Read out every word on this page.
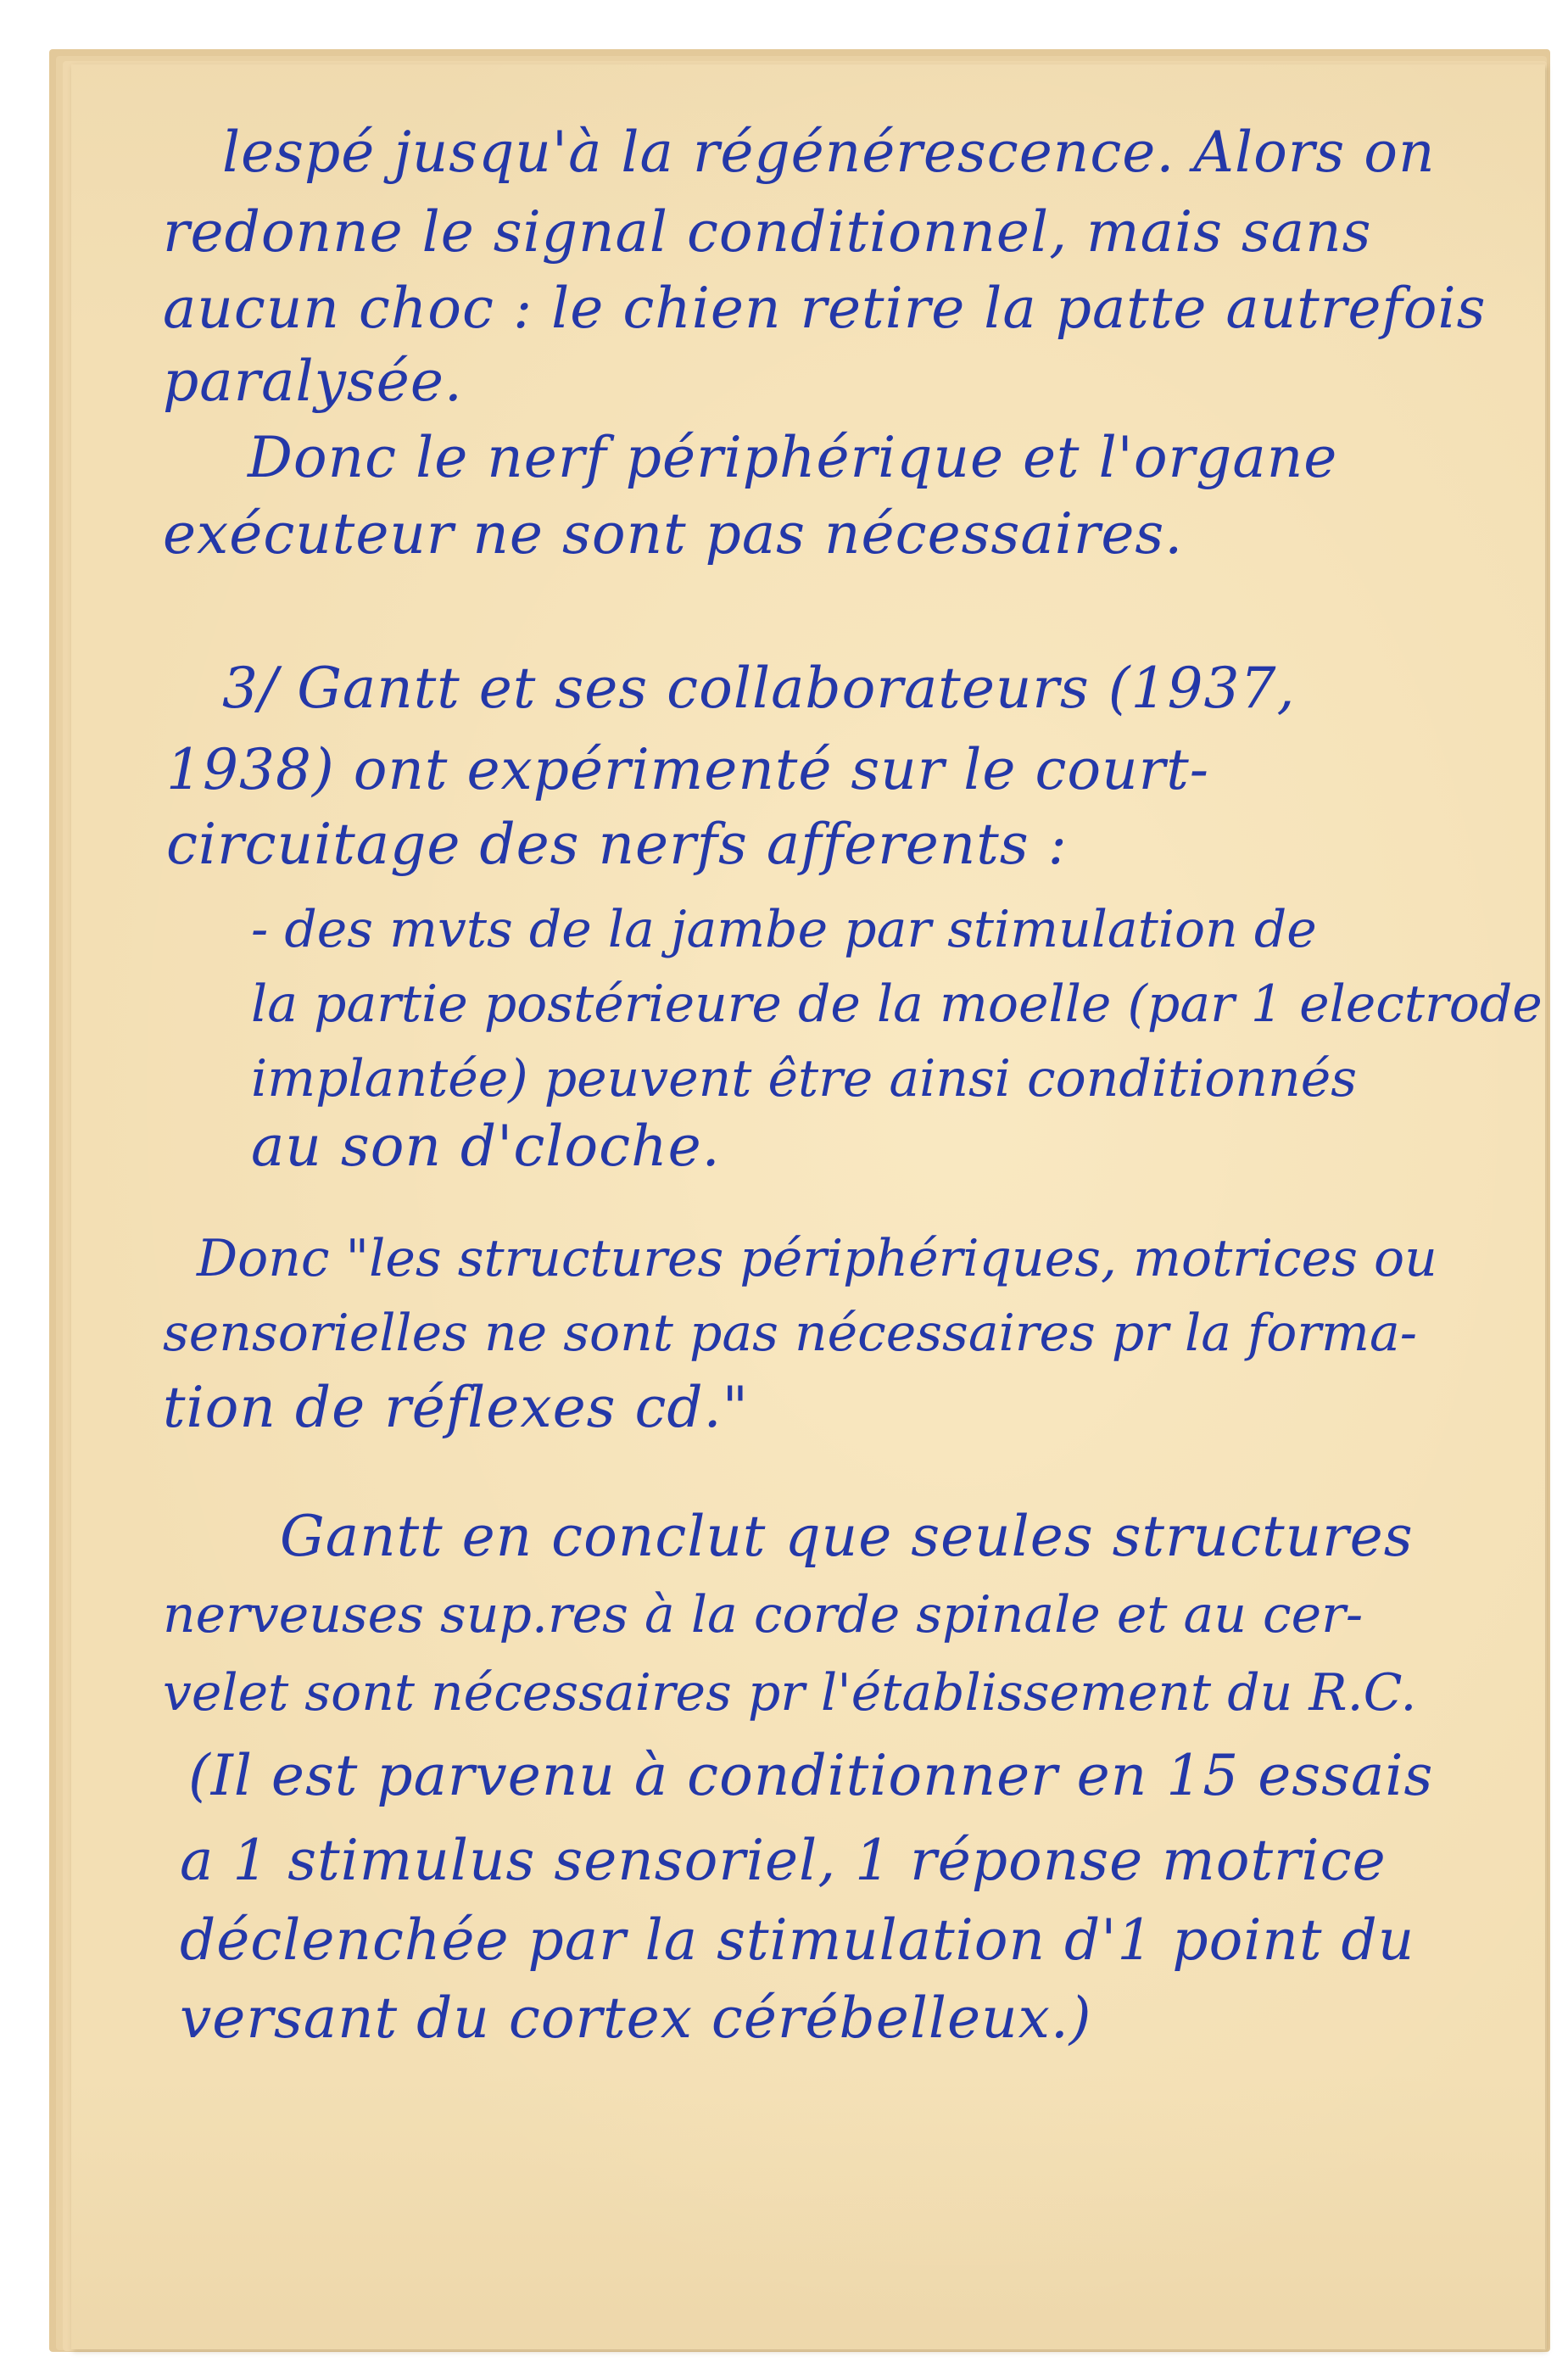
lespé jusqu'à la régénérescence. Alors on
redonne le signal conditionnel, mais sans
aucun choc : le chien retire la patte autrefois
paralysée.
Donc le nerf périphérique et l'organe
exécuteur ne sont pas nécessaires.
3/ Gantt et ses collaborateurs (1937,
1938) ont expérimenté sur le court-
circuitage des nerfs afferents :
- des mvts de la jambe par stimulation de
la partie postérieure de la moelle (par 1 electrode
implantée) peuvent être ainsi conditionnés
au son d'cloche.
Donc "les structures périphériques, motrices ou
sensorielles ne sont pas nécessaires pr la forma-
tion de réflexes cd."
Gantt en conclut que seules structures
nerveuses sup.res à la corde spinale et au cer-
velet sont nécessaires pr l'établissement du R.C.
(Il est parvenu à conditionner en 15 essais
a 1 stimulus sensoriel, 1 réponse motrice
déclenchée par la stimulation d'1 point du
versant du cortex cérébelleux.)
